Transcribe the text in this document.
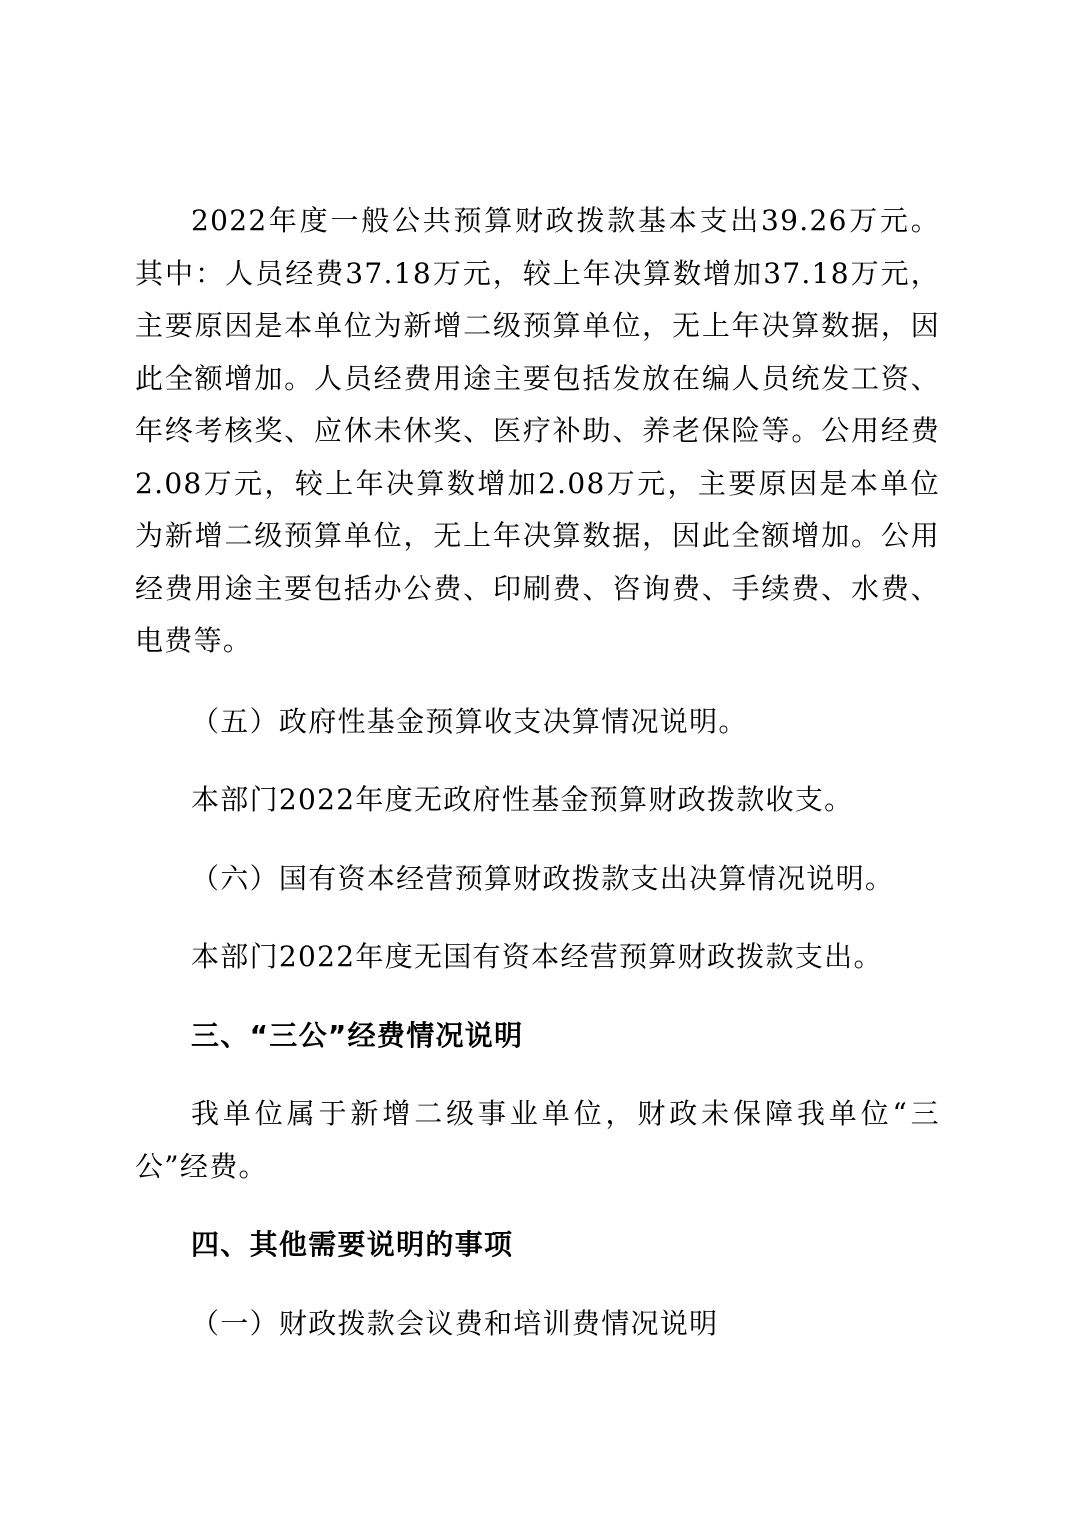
2022年度一般公共预算财政拨款基本支出39.26万元。其中：人员经费37.18万元，较上年决算数增加37.18万元，主要原因是本单位为新增二级预算单位，无上年决算数据，因此全额增加。人员经费用途主要包括发放在编人员统发工资、年终考核奖、应休未休奖、医疗补助、养老保险等。公用经费2.08万元，较上年决算数增加2.08万元，主要原因是本单位为新增二级预算单位，无上年决算数据，因此全额增加。公用经费用途主要包括办公费、印刷费、咨询费、手续费、水费、电费等。

（五）政府性基金预算收支决算情况说明。

本部门2022年度无政府性基金预算财政拨款收支。

（六）国有资本经营预算财政拨款支出决算情况说明。

本部门2022年度无国有资本经营预算财政拨款支出。

三、“三公”经费情况说明

我单位属于新增二级事业单位，财政未保障我单位“三公”经费。

四、其他需要说明的事项

（一）财政拨款会议费和培训费情况说明
